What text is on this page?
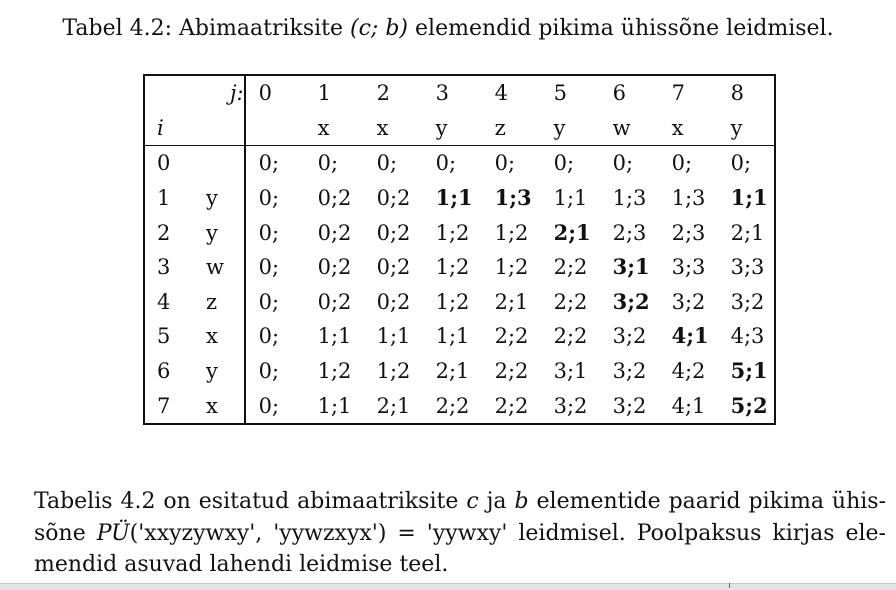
Tabel 4.2: Abimaatriksite (c; b) elemendid pikima ühissõne leidmisel.
	j:	0	1	2	3	4	5	6	7	8
i			x	x	y	z	y	w	x	y
0		0;	0;	0;	0;	0;	0;	0;	0;	0;
1	y	0;	0;2	0;2	1;1	1;3	1;1	1;3	1;3	1;1
2	y	0;	0;2	0;2	1;2	1;2	2;1	2;3	2;3	2;1
3	w	0;	0;2	0;2	1;2	1;2	2;2	3;1	3;3	3;3
4	z	0;	0;2	0;2	1;2	2;1	2;2	3;2	3;2	3;2
5	x	0;	1;1	1;1	1;1	2;2	2;2	3;2	4;1	4;3
6	y	0;	1;2	1;2	2;1	2;2	3;1	3;2	4;2	5;1
7	x	0;	1;1	2;1	2;2	2;2	3;2	3;2	4;1	5;2
Tabelis 4.2 on esitatud abimaatriksite c ja b elementide paarid pikima ühis-sõne PÜ('xxyzywxy', 'yywzxyx') = 'yywxy' leidmisel. Poolpaksus kirjas ele-mendid asuvad lahendi leidmise teel.
